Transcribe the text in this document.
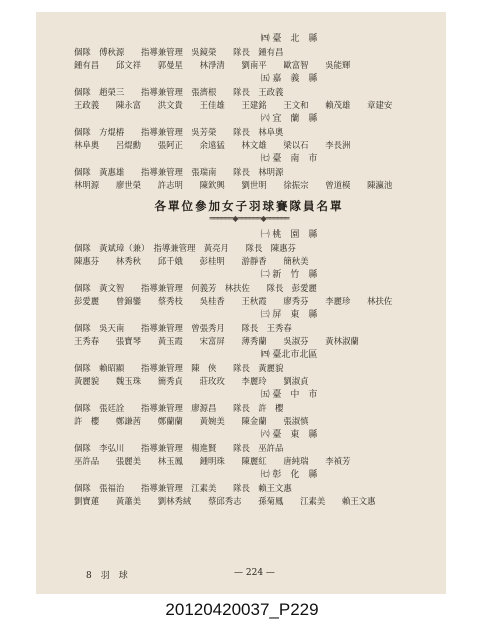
㈣ 臺　北　縣
個隊　傅秋源　　指導兼管理　吳鏡榮　　隊長　鍾有昌
鍾有昌　　邱文祥　　郭曼星　　林淨清　　劉南平　　歐富智　　吳能輝
㈤ 嘉　義　縣
個隊　趙榮三　　指導兼管理　張濟根　　隊長　王政義
王政義　　陳永富　　洪文貴　　王佳雄　　王建銘　　王文和　　賴茂雄　　章建安
㈥ 宜　蘭　縣
個隊　方焜樁　　指導兼管理　吳芳榮　　隊長　林阜奧
林阜奧　　呂焜勳　　張阿正　　余遠猛　　林文雄　　梁以石　　李長洲
㈦ 臺　南　市
個隊　黃惠雄　　指導兼管理　張瑞南　　隊長　林明源
林明源　　廖世榮　　許志明　　陳欽興　　劉世明　　徐振宗　　曾道模　　陳瀛池
各單位參加女子羽球賽隊員名單
══════◆══════◆══════
㈠ 桃　園　縣
個隊　黃斌璋（兼）　指導兼管理　黃亮月　　隊長　陳惠芬
陳惠芬　　林秀秋　　邱千娥　　彭桂明　　游靜香　　簡秋美
㈡ 新　竹　縣
個隊　黃文智　　指導兼管理　何義芳　林扶佐　　隊長　彭愛麗
彭愛麗　　曾錦鑾　　蔡秀枝　　吳桂香　　王秋霞　　廖秀芬　　李麗珍　　林扶佐
㈢ 屏　東　縣
個隊　吳天南　　指導兼管理　曾張秀月　　隊長　王秀春
王秀春　　張寶琴　　黃玉霞　　宋富屏　　薄秀蘭　　吳淑芬　　黃林淑蘭
㈣ 臺北市北區
個隊　賴昭顯　　指導兼管理　陳　俠　　隊長　黃麗貌
黃麗貌　　魏玉珠　　簡秀貞　　莊玫玫　　李麗玲　　劉淑貞
㈤ 臺　中　市
個隊　張廷詮　　指導兼管理　廖源昌　　隊長　許　櫻
許　櫻　　鄭謙茜　　鄭蘭蘭　　黃婉美　　陳金蘭　　張淑慎
㈥ 臺　東　縣
個隊　李弘川　　指導兼管理　楊進賢　　隊長　巫許品
巫許品　　張麗美　　林玉鳳　　鍾明珠　　陳麗紅　　唐純瑞　　李禎芳
㈦ 彰　化　縣
個隊　張福治　　指導兼管理　江素美　　隊長　賴王文惠
劉寶蓮　　黃蕭美　　劉林秀絨　　蔡邱秀志　　孫菊鳳　　江素美　　賴王文惠
8　羽　球	— 224 —
20120420037_P229
